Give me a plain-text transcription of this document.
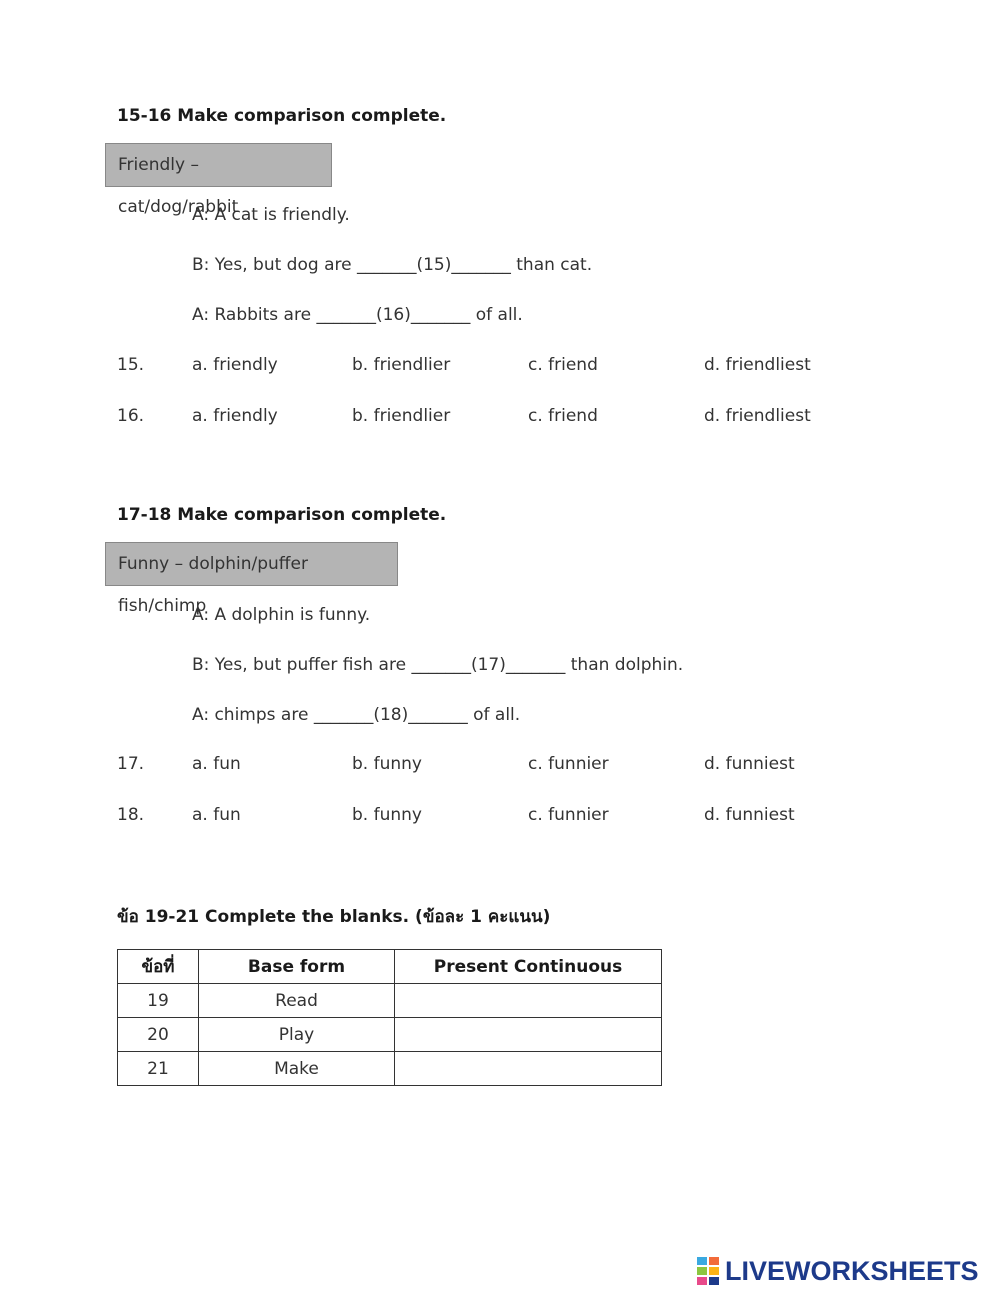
15-16 Make comparison complete.
Friendly – cat/dog/rabbit
A: A cat is friendly.
B: Yes, but dog are _______(15)_______ than cat.
A: Rabbits are _______(16)_______ of all.
15.	a. friendly	b. friendlier	c. friend	d. friendliest
16.	a. friendly	b. friendlier	c. friend	d. friendliest
17-18 Make comparison complete.
Funny – dolphin/puffer fish/chimp
A: A dolphin is funny.
B: Yes, but puffer fish are _______(17)_______ than dolphin.
A: chimps are _______(18)_______ of all.
17.	a. fun	b. funny	c. funnier	d. funniest
18.	a. fun	b. funny	c. funnier	d. funniest
ข้อ 19-21 Complete the blanks. (ข้อละ 1 คะแนน)
ข้อที่	Base form	Present Continuous
19	Read	
20	Play	
21	Make	
LIVEWORKSHEETS
